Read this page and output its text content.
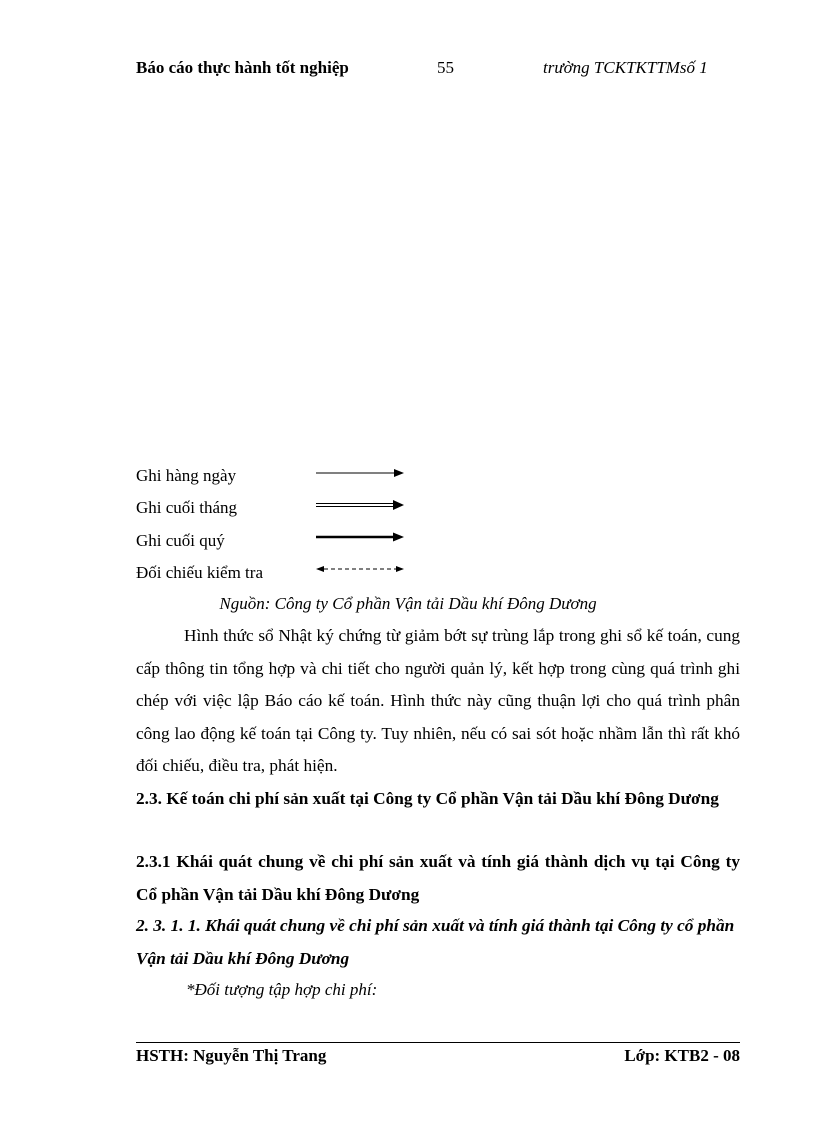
Báo cáo thực hành tốt nghiệp	55	trường TCKTKTTMsố 1
Ghi hàng ngày
Ghi cuối tháng
Ghi cuối quý
Đối chiếu kiểm tra
Nguồn: Công ty Cổ phần Vận tải Dầu khí Đông Dương
Hình thức sổ Nhật ký chứng từ giảm bớt sự trùng lắp trong ghi sổ kế toán, cung cấp thông tin tổng hợp và chi tiết cho người quản lý, kết hợp trong cùng quá trình ghi chép với việc lập Báo cáo kế toán. Hình thức này cũng thuận lợi cho quá trình phân công lao động kế toán tại Công ty. Tuy nhiên, nếu có sai sót hoặc nhầm lẫn thì rất khó đối chiếu, điều tra, phát hiện.
2.3. Kế toán chi phí sản xuất tại Công ty Cổ phần Vận tải Dầu khí Đông Dương
2.3.1 Khái quát chung về chi phí sản xuất và tính giá thành dịch vụ tại Công ty Cổ phần Vận tải Dầu khí Đông Dương
2. 3. 1. 1. Khái quát chung về chi phí sản xuất và tính giá thành tại Công ty cổ phần Vận tải Dầu khí Đông Dương
*Đối tượng tập hợp chi phí:
HSTH: Nguyễn Thị Trang	Lớp: KTB2 - 08
